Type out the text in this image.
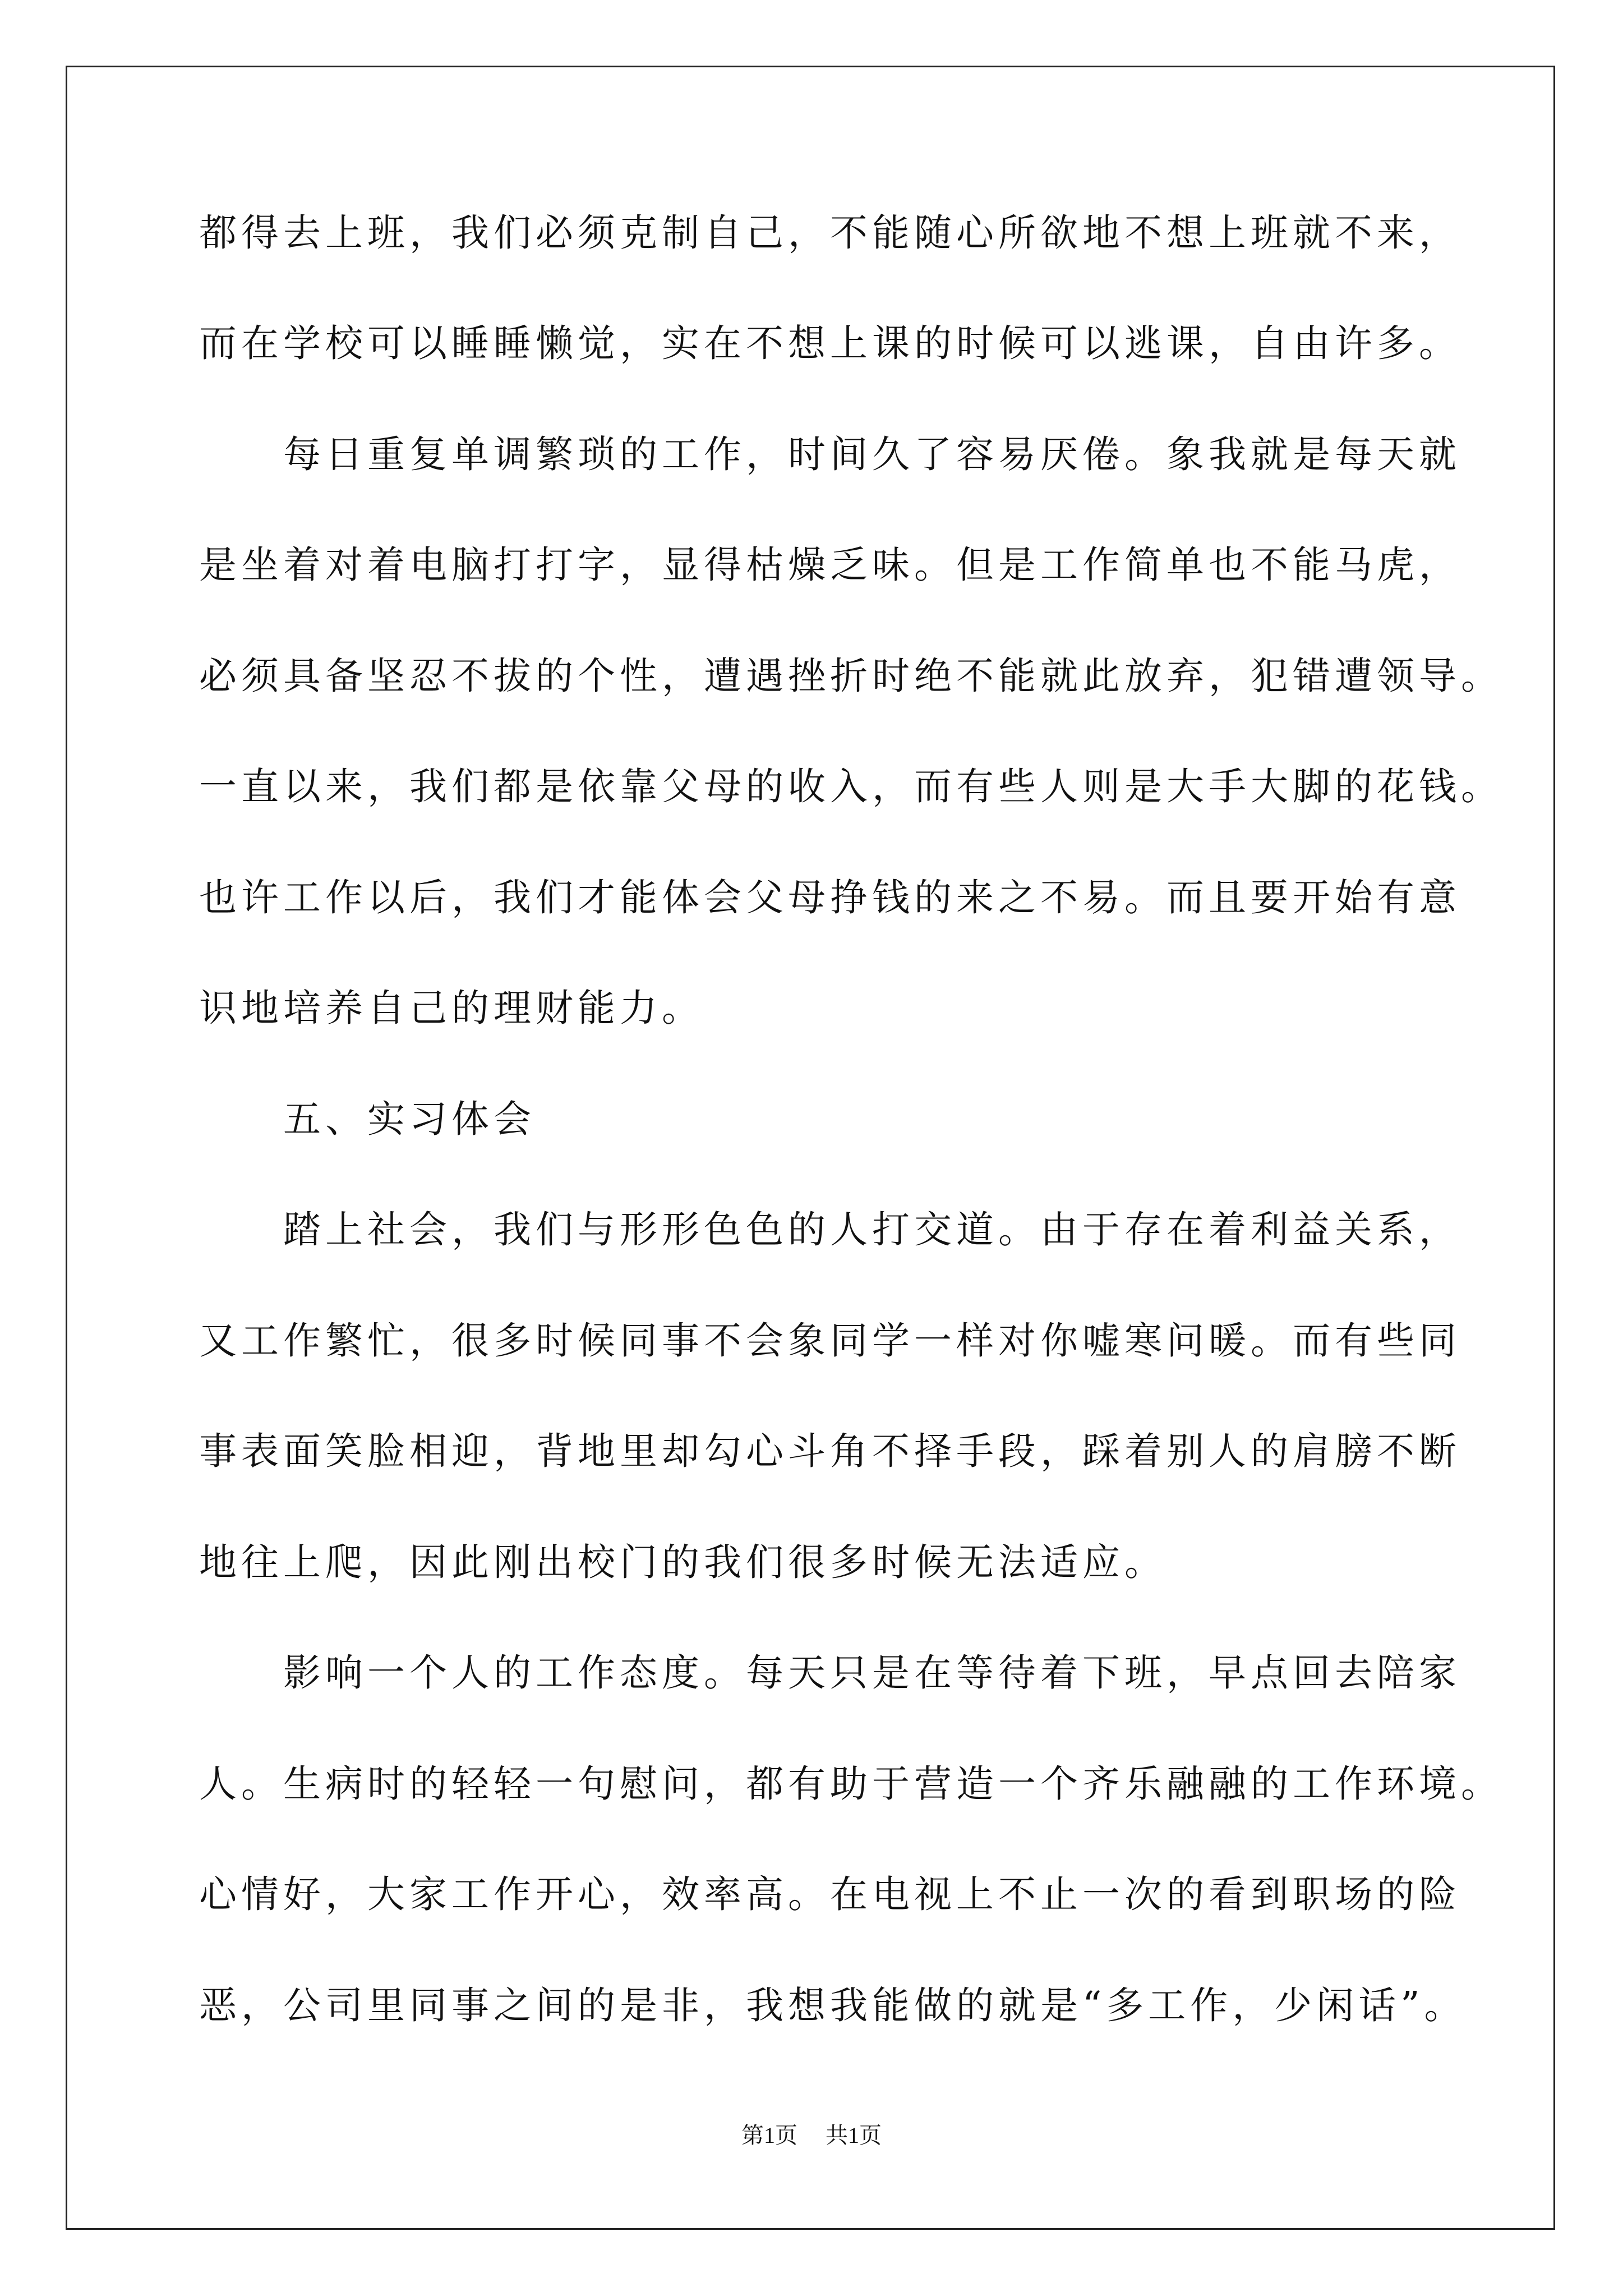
都得去上班，我们必须克制自己，不能随心所欲地不想上班就不来，
而在学校可以睡睡懒觉，实在不想上课的时候可以逃课，自由许多。
　　每日重复单调繁琐的工作，时间久了容易厌倦。象我就是每天就
是坐着对着电脑打打字，显得枯燥乏味。但是工作简单也不能马虎，
必须具备坚忍不拔的个性，遭遇挫折时绝不能就此放弃，犯错遭领导。
一直以来，我们都是依靠父母的收入，而有些人则是大手大脚的花钱。
也许工作以后，我们才能体会父母挣钱的来之不易。而且要开始有意
识地培养自己的理财能力。
　　五、实习体会
　　踏上社会，我们与形形色色的人打交道。由于存在着利益关系，
又工作繁忙，很多时候同事不会象同学一样对你嘘寒问暖。而有些同
事表面笑脸相迎，背地里却勾心斗角不择手段，踩着别人的肩膀不断
地往上爬，因此刚出校门的我们很多时候无法适应。
　　影响一个人的工作态度。每天只是在等待着下班，早点回去陪家
人。生病时的轻轻一句慰问，都有助于营造一个齐乐融融的工作环境。
心情好，大家工作开心，效率高。在电视上不止一次的看到职场的险
恶，公司里同事之间的是非，我想我能做的就是“多工作，少闲话”。
第1页 共1页
